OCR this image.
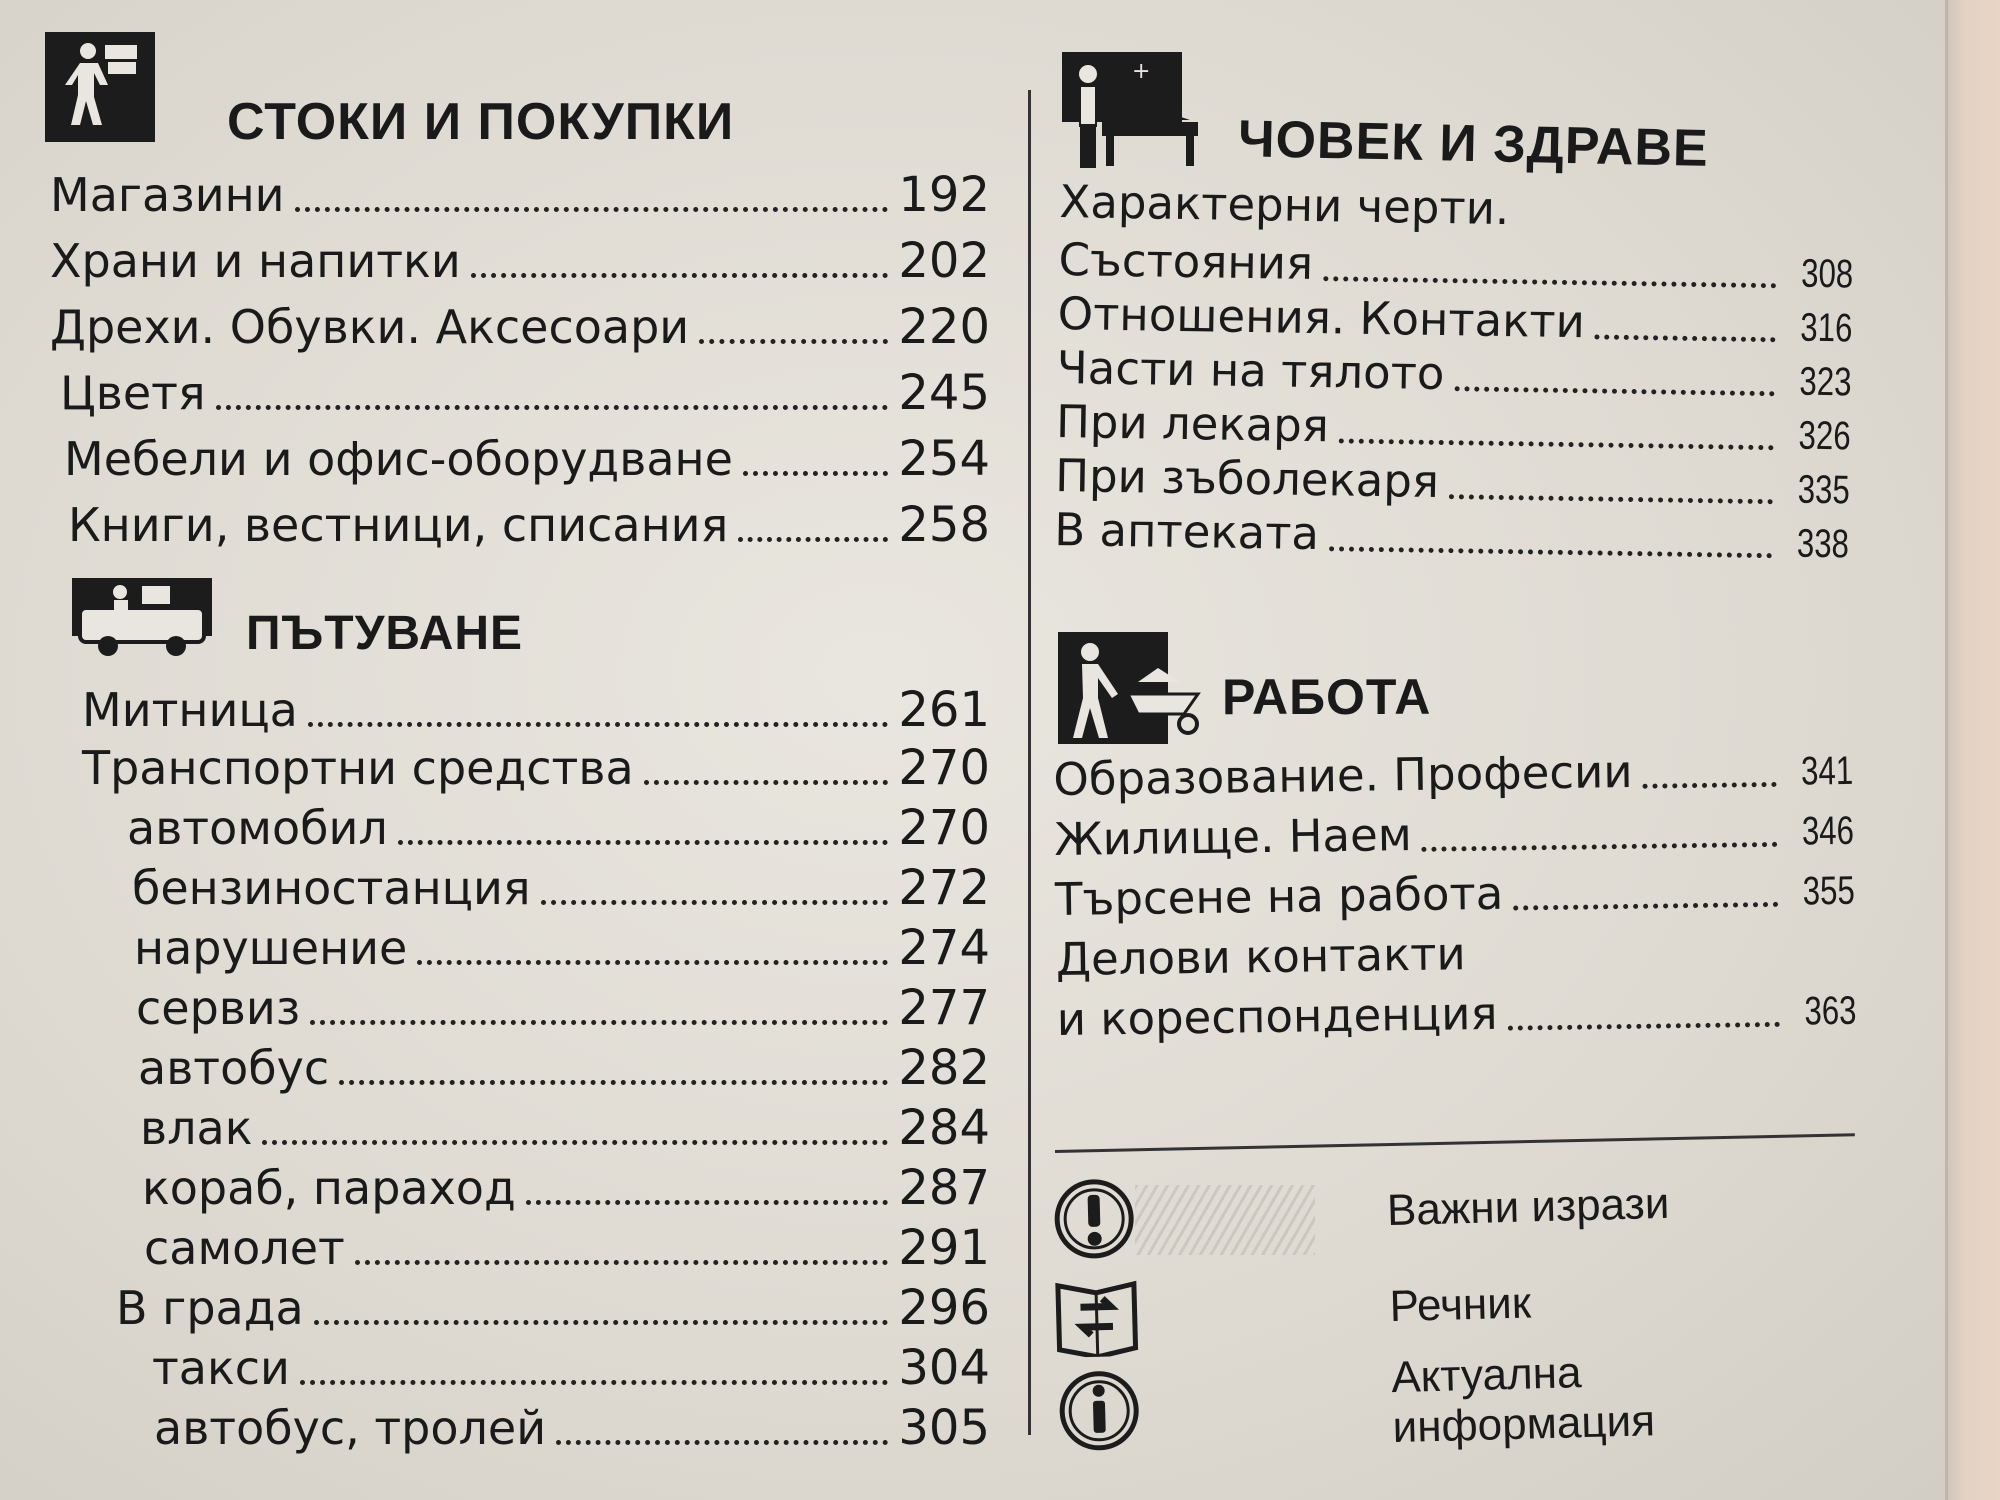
СТОКИ И ПОКУПКИ
Магазини	192
Храни и напитки	202
Дрехи. Обувки. Аксесоари	220
Цветя	245
Мебели и офис-оборудване	254
Книги, вестници, списания	258
ПЪТУВАНЕ
Митница	261
Транспортни средства	270
автомобил	270
бензиностанция	272
нарушение	274
сервиз	277
автобус	282
влак	284
кораб, параход	287
самолет	291
В града	296
такси	304
автобус, тролей	305
+
ЧОВЕК И ЗДРАВЕ
Характерни черти.
Състояния	308
Отношения. Контакти	316
Части на тялото	323
При лекаря	326
При зъболекаря	335
В аптеката	338
РАБОТА
Образование. Професии	341
Жилище. Наем	346
Търсене на работа	355
Делови контакти
и кореспонденция	363
Важни изрази
Речник
Актуална информация
